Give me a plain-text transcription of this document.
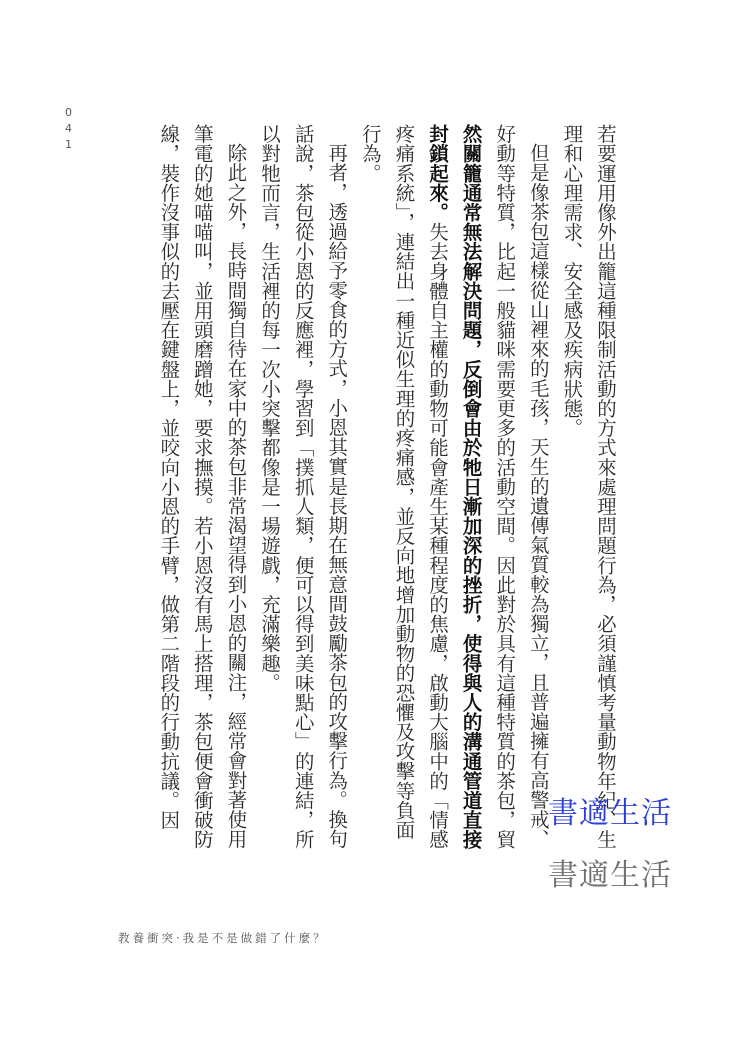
041	若要運用像外出籠這種限制活動的方式來處理問題行為，必須謹慎考量動物年紀、生理和心理需求、安全感及疾病狀態。

但是像茶包這樣從山裡來的毛孩，天生的遺傳氣質較為獨立，且普遍擁有高警戒、好動等特質，比起一般貓咪需要更多的活動空間。因此對於具有這種特質的茶包，貿然關籠通常無法解決問題，反倒會由於牠日漸加深的挫折，使得與人的溝通管道直接封鎖起來。失去身體自主權的動物可能會產生某種程度的焦慮，啟動大腦中的「情感疼痛系統」，連結出一種近似生理的疼痛感，並反向地增加動物的恐懼及攻擊等負面行為。

再者，透過給予零食的方式，小恩其實是長期在無意間鼓勵茶包的攻擊行為。換句話說，茶包從小恩的反應裡，學習到「撲抓人類，便可以得到美味點心」的連結，所以對牠而言，生活裡的每一次小突擊都像是一場遊戲，充滿樂趣。

除此之外，長時間獨自待在家中的茶包非常渴望得到小恩的關注，經常會對著使用筆電的她喵喵叫，並用頭磨蹭她，要求撫摸。若小恩沒有馬上搭理，茶包便會衝破防線，裝作沒事似的去壓在鍵盤上，並咬向小恩的手臂，做第二階段的行動抗議。因	書適生活
書適生活
教養衝突·我是不是做錯了什麼？
